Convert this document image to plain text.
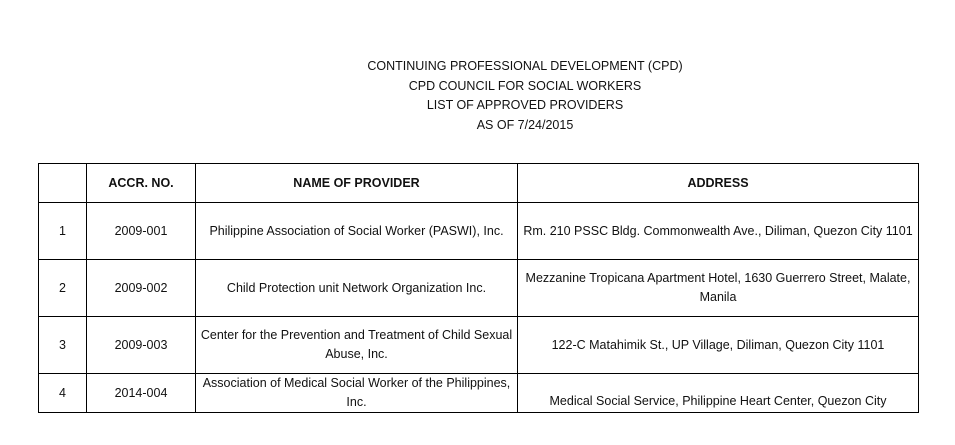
CONTINUING PROFESSIONAL DEVELOPMENT (CPD)
CPD COUNCIL FOR SOCIAL WORKERS
LIST OF APPROVED PROVIDERS
AS OF 7/24/2015
	ACCR. NO.	NAME OF PROVIDER	ADDRESS
1	2009-001	Philippine Association of Social Worker (PASWI), Inc.	Rm. 210 PSSC Bldg. Commonwealth Ave., Diliman, Quezon City 1101
2	2009-002	Child Protection unit Network Organization Inc.	Mezzanine Tropicana Apartment Hotel, 1630 Guerrero Street, Malate, Manila
3	2009-003	Center for the Prevention and Treatment of Child Sexual Abuse, Inc.	122-C Matahimik St., UP Village, Diliman, Quezon City 1101
4	2014-004	Association of Medical Social Worker of the Philippines, Inc.	Medical Social Service, Philippine Heart Center, Quezon City
